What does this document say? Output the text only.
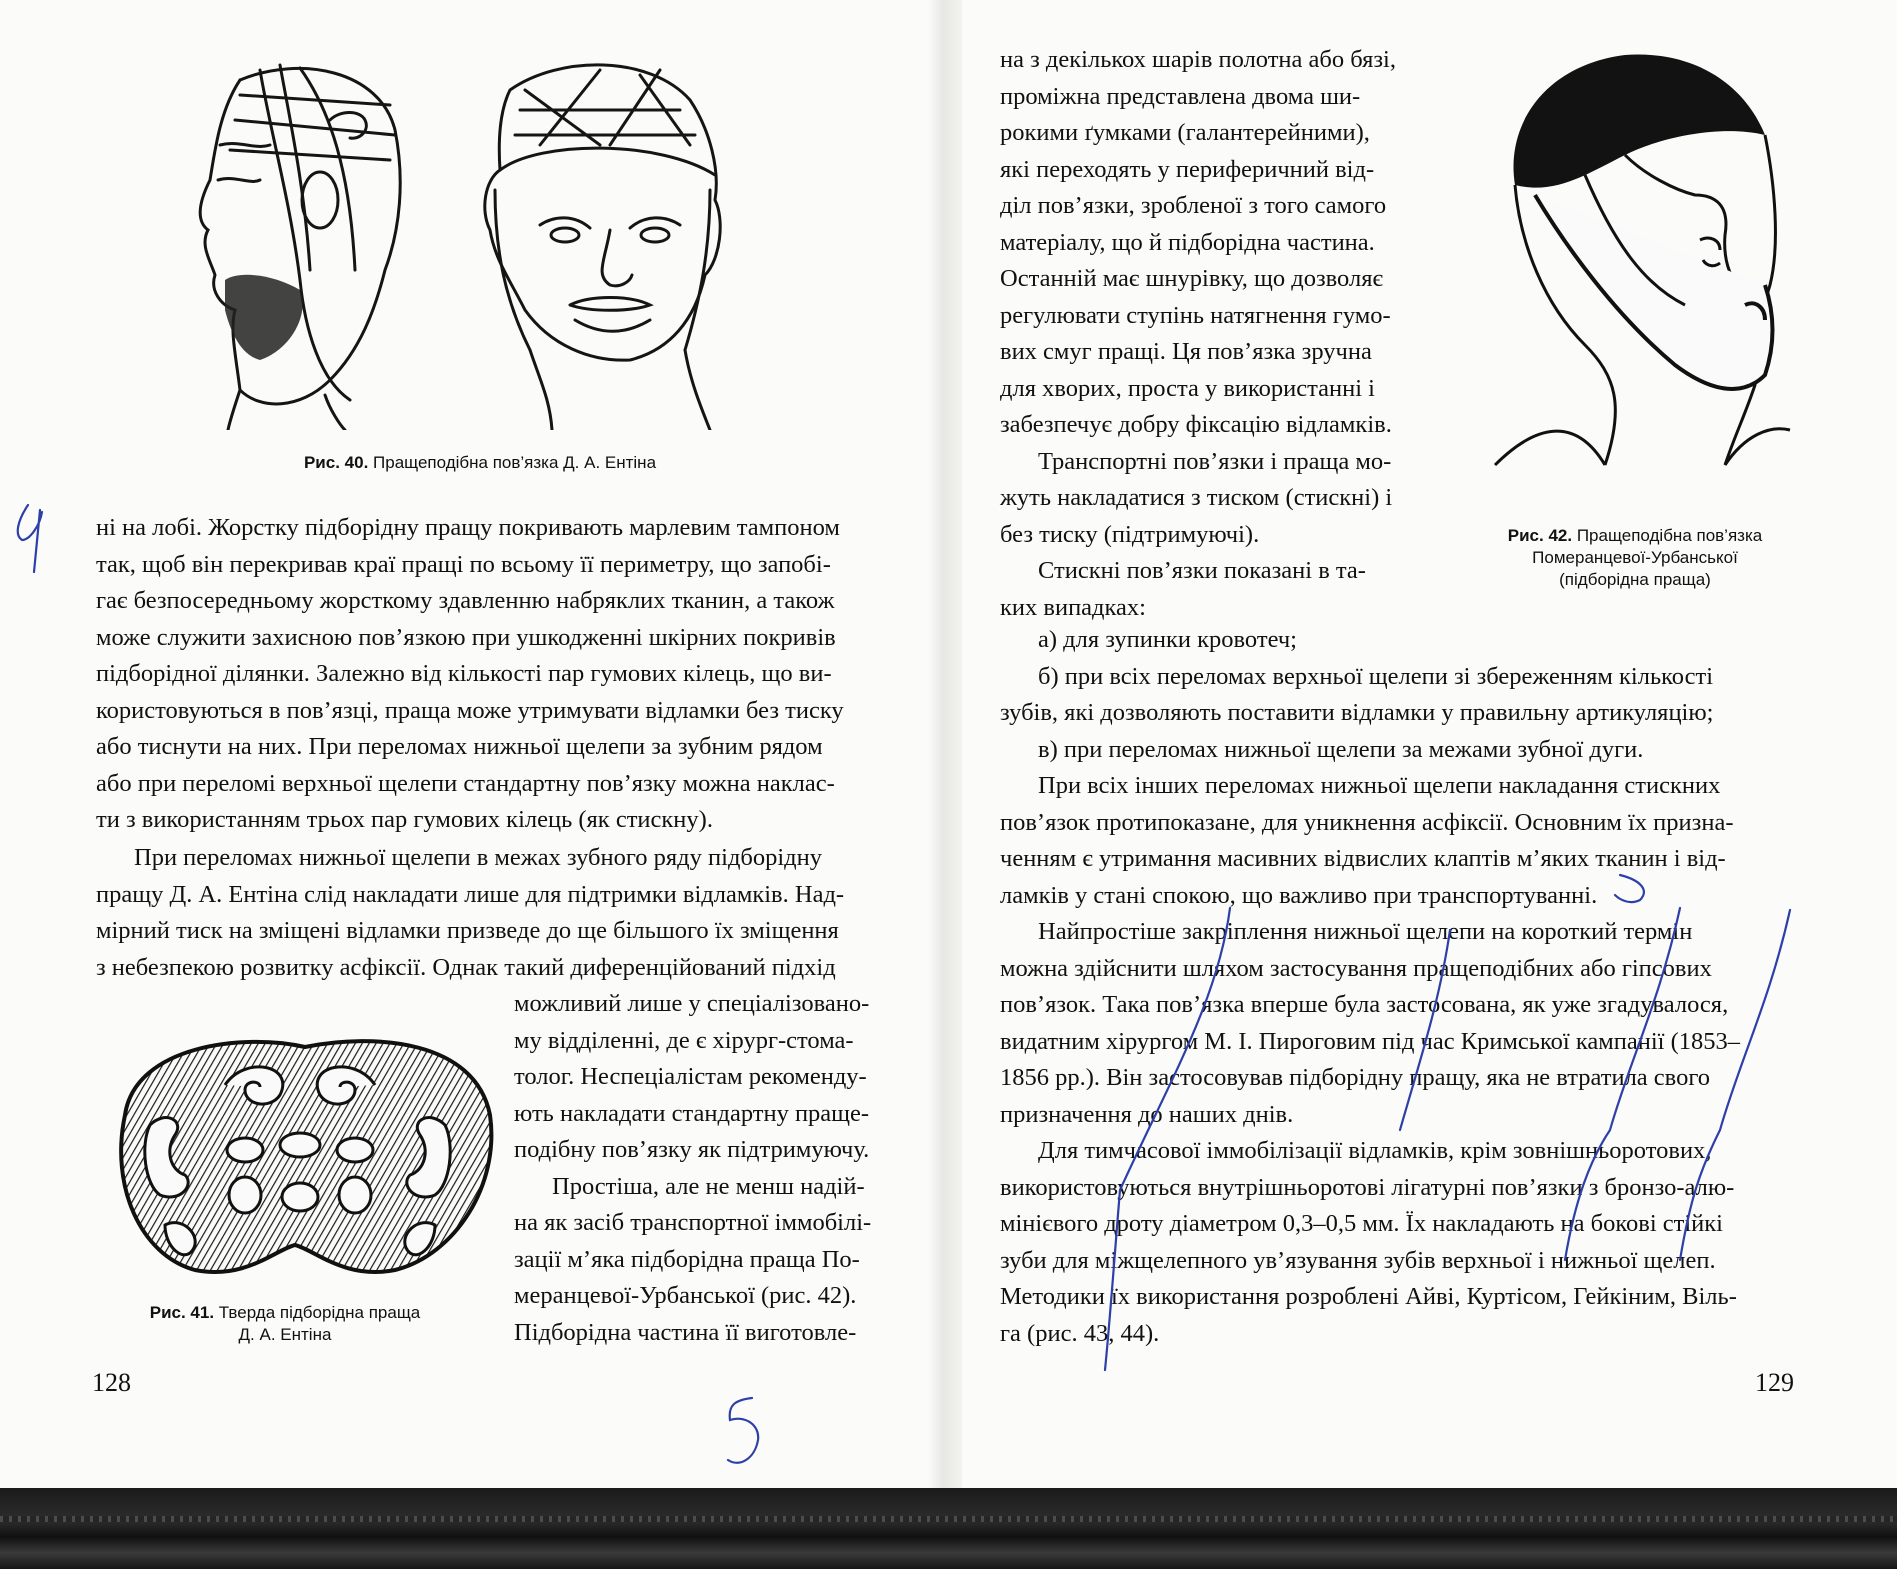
Рис. 40. Пращеподібна пов’язка Д. А. Ентіна

ні на лобі. Жорстку підборідну пращу покривають марлевим тампоном

так, щоб він перекривав краї пращі по всьому її периметру, що запобі-

гає безпосередньому жорсткому здавленню набряклих тканин, а також

може служити захисною пов’язкою при ушкодженні шкірних покривів

підборідної ділянки. Залежно від кількості пар гумових кілець, що ви-

користовуються в пов’язці, праща може утримувати відламки без тиску

або тиснути на них. При переломах нижньої щелепи за зубним рядом

або при переломі верхньої щелепи стандартну пов’язку можна наклас-

ти з використанням трьох пар гумових кілець (як стискну).

При переломах нижньої щелепи в межах зубного ряду підборідну

пращу Д. А. Ентіна слід накладати лише для підтримки відламків. Над-

мірний тиск на зміщені відламки призведе до ще більшого їх зміщення

з небезпекою розвитку асфіксії. Однак такий диференційований підхід

можливий лише у спеціалізовано-

му відділенні, де є хірург-стома-

толог. Неспеціалістам рекоменду-

ють накладати стандартну праще-

подібну пов’язку як підтримуючу.

Простіша, але не менш надій-

на як засіб транспортної іммобілі-

зації м’яка підборідна праща По-

меранцевої-Урбанської (рис. 42).

Підборідна частина її виготовле-

Рис. 41. Тверда підборідна праща
Д. А. Ентіна
128

на з декількох шарів полотна або бязі,

проміжна представлена двома ши-

рокими ґумками (галантерейними),

які переходять у периферичний від-

діл пов’язки, зробленої з того самого

матеріалу, що й підборідна частина.

Останній має шнурівку, що дозволяє

регулювати ступінь натягнення гумо-

вих смуг пращі. Ця пов’язка зручна

для хворих, проста у використанні і

забезпечує добру фіксацію відламків.

Транспортні пов’язки і праща мо-

жуть накладатися з тиском (стискні) і

без тиску (підтримуючі).

Стискні пов’язки показані в та-

ких випадках:

Рис. 42. Пращеподібна пов’язка
Померанцевої-Урбанської
(підборідна праща)

а) для зупинки кровотеч;

б) при всіх переломах верхньої щелепи зі збереженням кількості

зубів, які дозволяють поставити відламки у правильну артикуляцію;

в) при переломах нижньої щелепи за межами зубної дуги.

При всіх інших переломах нижньої щелепи накладання стискних

пов’язок протипоказане, для уникнення асфіксії. Основним їх призна-

ченням є утримання масивних відвислих клаптів м’яких тканин і від-

ламків у стані спокою, що важливо при транспортуванні.

Найпростіше закріплення нижньої щелепи на короткий термін

можна здійснити шляхом застосування пращеподібних або гіпсових

пов’язок. Така пов’язка вперше була застосована, як уже згадувалося,

видатним хірургом М. І. Пироговим під час Кримської кампанії (1853–

1856 рр.). Він застосовував підборідну пращу, яка не втратила свого

призначення до наших днів.

Для тимчасової іммобілізації відламків, крім зовнішньоротових,

використовуються внутрішньоротові лігатурні пов’язки з бронзо-алю-

мінієвого дроту діаметром 0,3–0,5 мм. Їх накладають на бокові стійкі

зуби для міжщелепного ув’язування зубів верхньої і нижньої щелеп.

Методики їх використання розроблені Айві, Куртісом, Гейкіним, Віль-

га (рис. 43, 44).

129
